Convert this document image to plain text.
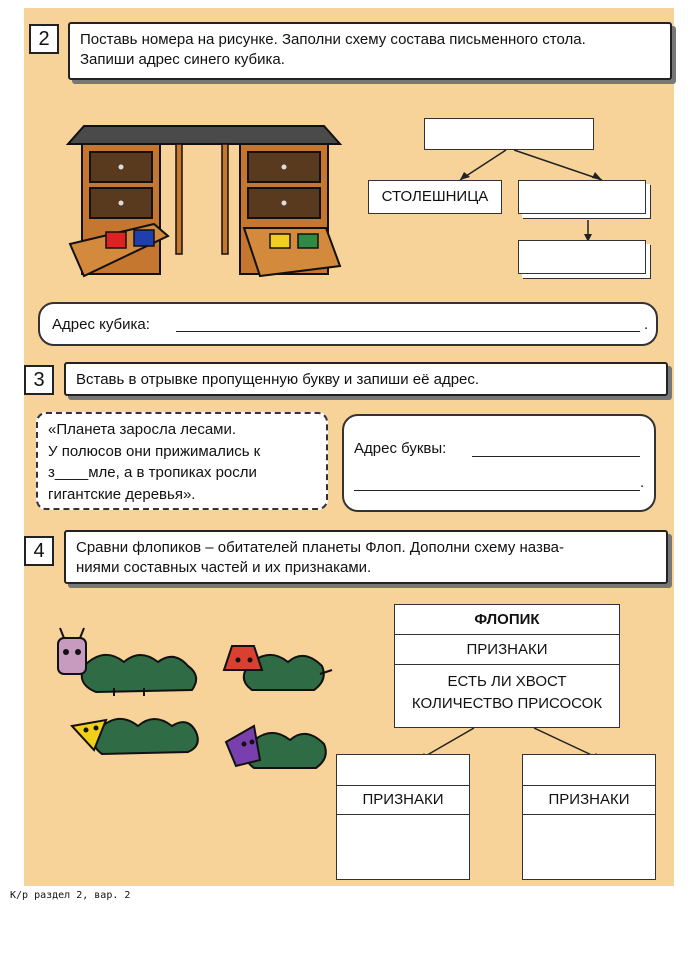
2	Поставь номера на рисунке. Заполни схему состава письменного стола.
Запиши адрес синего кубика.
СТОЛЕШНИЦА
Адрес кубика:	.
3	Вставь в отрывке пропущенную букву и запиши её адрес.
«Планета заросла лесами.
У полюсов они прижимались к
з____мле, а в тропиках росли
гигантские деревья».
Адрес буквы:
.
4	Сравни флопиков – обитателей планеты Флоп. Дополни схему назва-
ниями составных частей и их признаками.
ФЛОПИК
ПРИЗНАКИ
ЕСТЬ ЛИ ХВОСТ
КОЛИЧЕСТВО ПРИСОСОК
ПРИЗНАКИ	ПРИЗНАКИ
К/р раздел 2, вар. 2
